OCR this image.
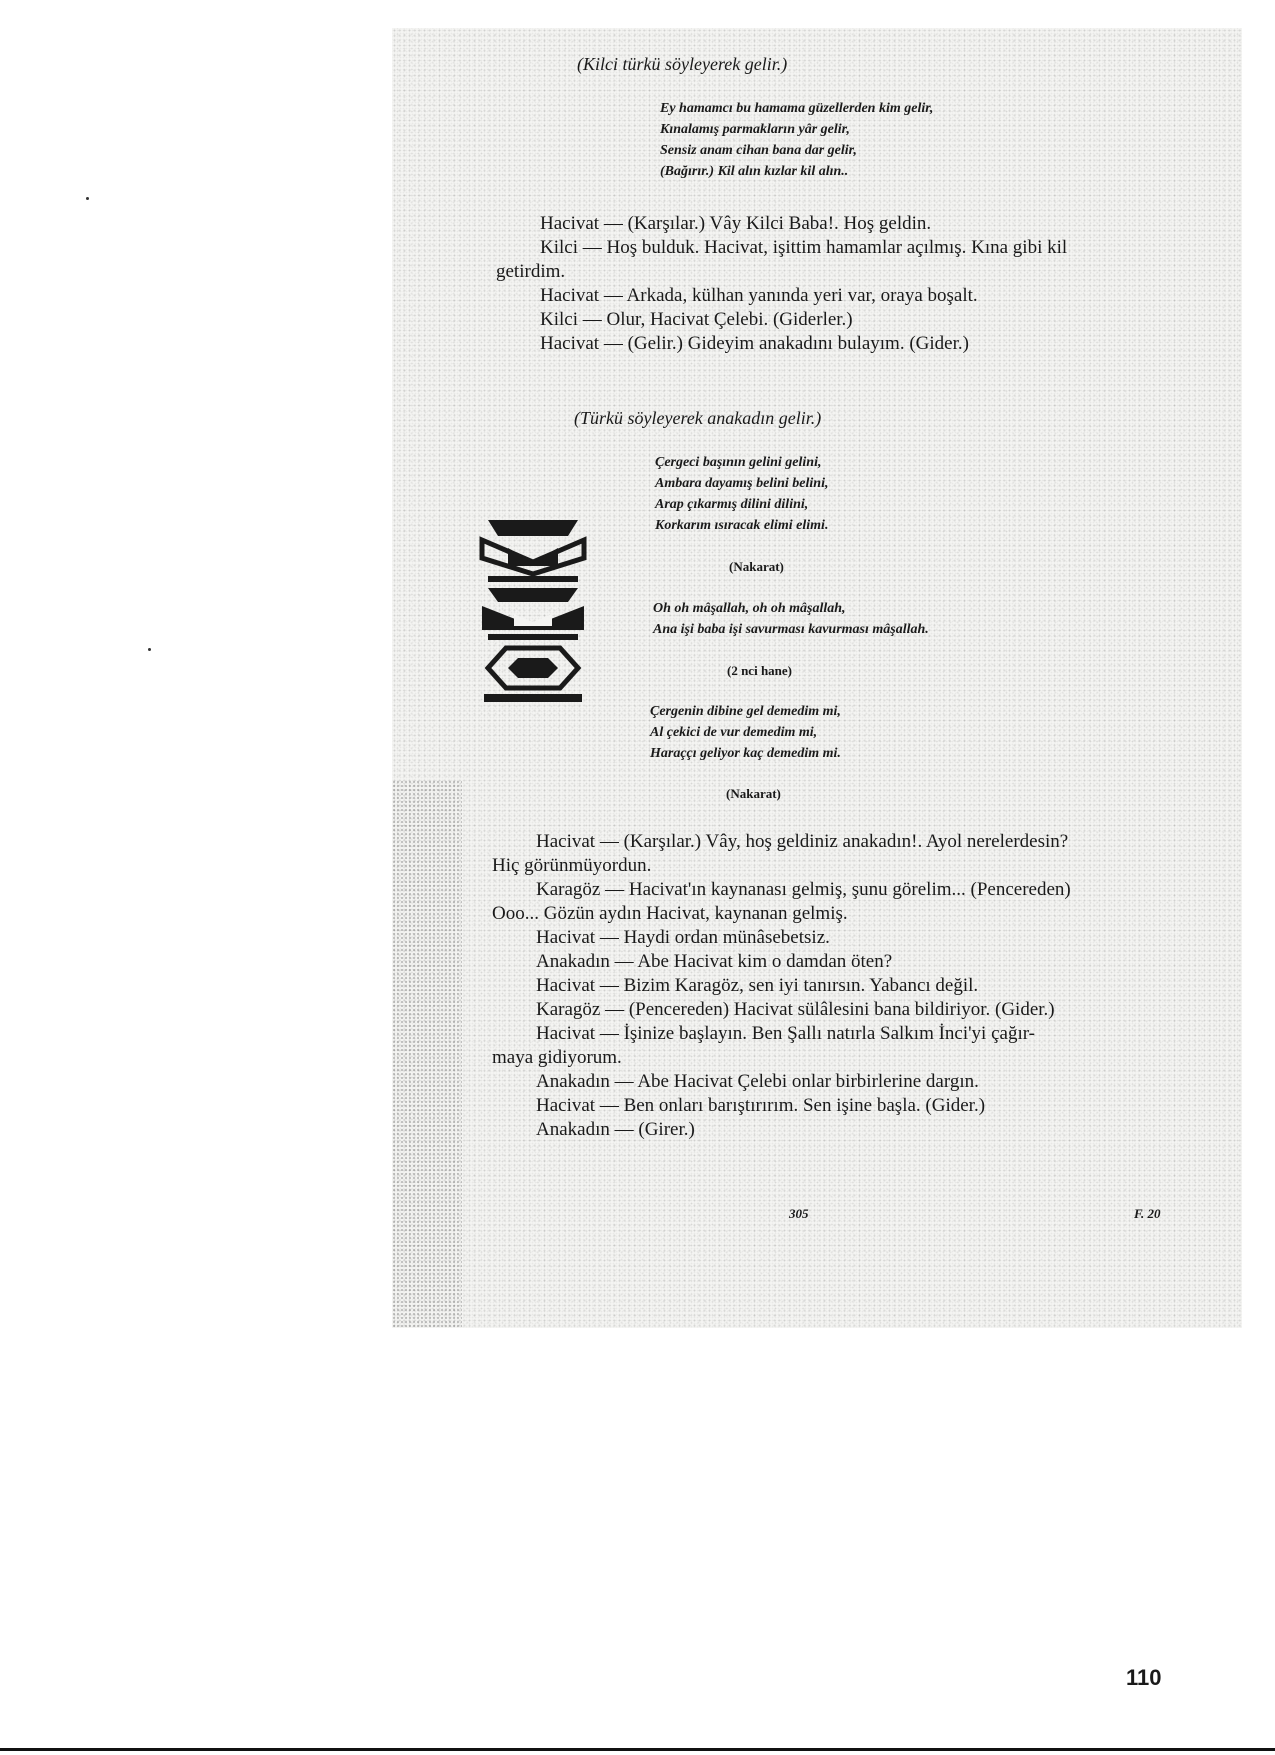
(Kilci türkü söyleyerek gelir.)
Ey hamamcı bu hamama güzellerden kim gelir,
Kınalamış parmakların yâr gelir,
Sensiz anam cihan bana dar gelir,
(Bağırır.) Kil alın kızlar kil alın..

Hacivat — (Karşılar.) Vây Kilci Baba!. Hoş geldin.

Kilci — Hoş bulduk. Hacivat, işittim hamamlar açılmış. Kına gibi kil

getirdim.

Hacivat — Arkada, külhan yanında yeri var, oraya boşalt.

Kilci — Olur, Hacivat Çelebi. (Giderler.)

Hacivat — (Gelir.) Gideyim anakadını bulayım. (Gider.)

(Türkü söyleyerek anakadın gelir.)
Çergeci başının gelini gelini,
Ambara dayamış belini belini,
Arap çıkarmış dilini dilini,
Korkarım ısıracak elimi elimi.
(Nakarat)
Oh oh mâşallah, oh oh mâşallah,
Ana işi baba işi savurması kavurması mâşallah.
(2 nci hane)
Çergenin dibine gel demedim mi,
Al çekici de vur demedim mi,
Haraççı geliyor kaç demedim mi.
(Nakarat)

Hacivat — (Karşılar.) Vây, hoş geldiniz anakadın!. Ayol nerelerdesin?

Hiç görünmüyordun.

Karagöz — Hacivat'ın kaynanası gelmiş, şunu görelim... (Pencereden)

Ooo... Gözün aydın Hacivat, kaynanan gelmiş.

Hacivat — Haydi ordan münâsebetsiz.

Anakadın — Abe Hacivat kim o damdan öten?

Hacivat — Bizim Karagöz, sen iyi tanırsın. Yabancı değil.

Karagöz — (Pencereden) Hacivat sülâlesini bana bildiriyor. (Gider.)

Hacivat — İşinize başlayın. Ben Şallı natırla Salkım İnci'yi çağır-

maya gidiyorum.

Anakadın — Abe Hacivat Çelebi onlar birbirlerine dargın.

Hacivat — Ben onları barıştırırım. Sen işine başla. (Gider.)

Anakadın — (Girer.)

305	F. 20
110
